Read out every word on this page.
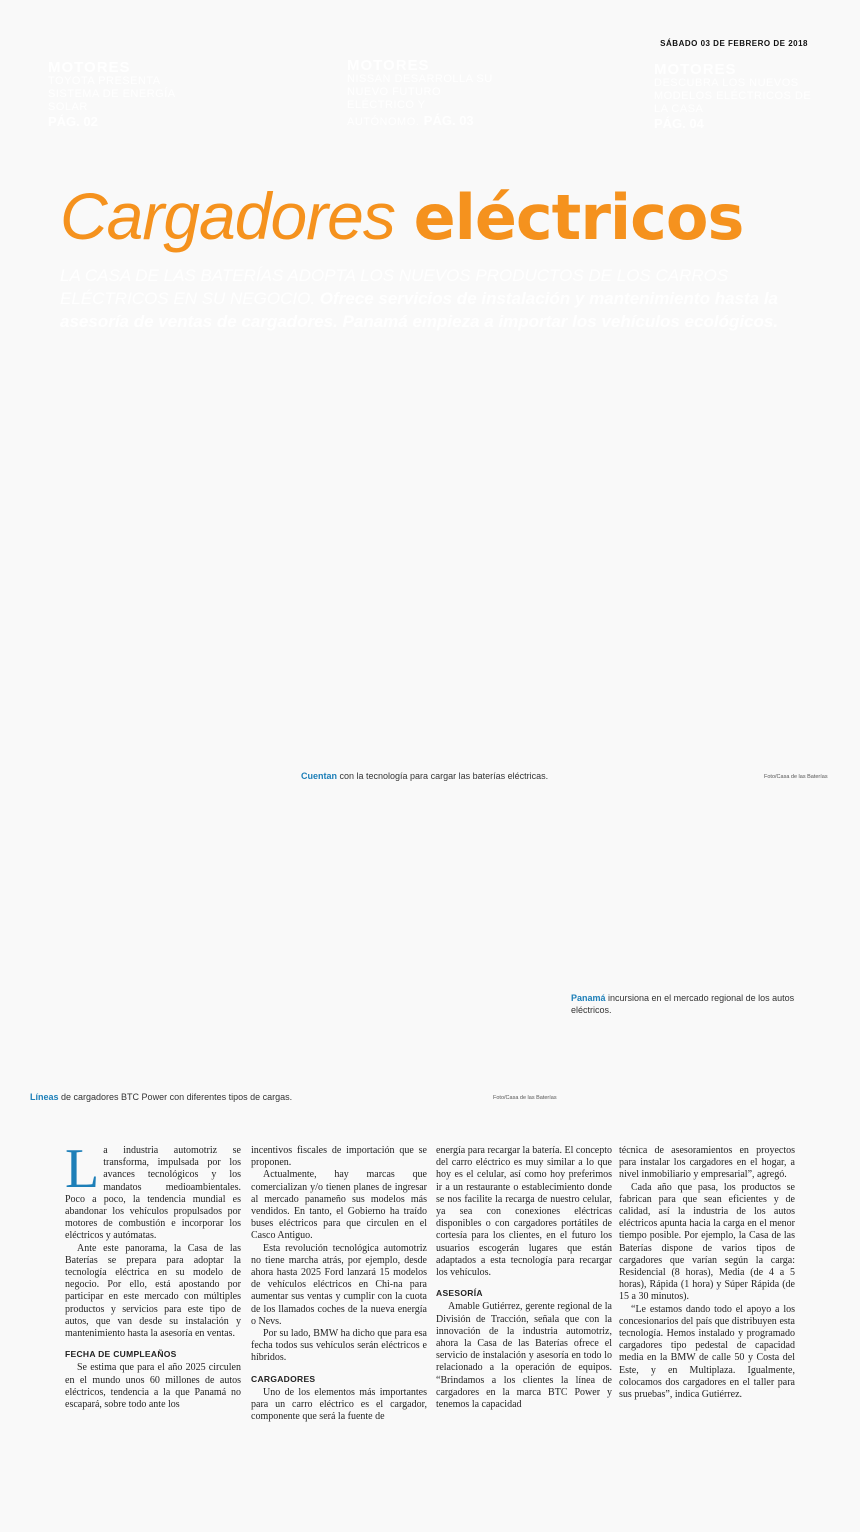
SÁBADO 03 DE FEBRERO DE 2018
MOTORES
TOYOTA PRESENTA SISTEMA DE ENERGÍA SOLAR
PÁG. 02
MOTORES
NISSAN DESARROLLA SU NUEVO FUTURO ELÉCTRICO Y
AUTÓNOMO. PÁG. 03
MOTORES
DESCUBRA LOS NUEVOS MODELOS ELÉCTRICOS DE LA CASA
PÁG. 04
Cargadores eléctricos
LA CASA DE LAS BATERÍAS ADOPTA LOS NUEVOS PRODUCTOS DE LOS CARROS ELÉCTRICOS EN SU NEGOCIO. Ofrece servicios de instalación y mantenimiento hasta la asesoría de ventas de cargadores. Panamá empieza a importar los vehículos ecológicos.
Cuentan con la tecnología para cargar las baterías eléctricas.	Foto/Casa de las Baterías
Panamá incursiona en el mercado regional de los autos eléctricos.
Líneas de cargadores BTC Power con diferentes tipos de cargas.	Foto/Casa de las Baterías

La industria automotriz se transforma, impulsada por los avances tecnológicos y los mandatos medioambientales. Poco a poco, la tendencia mundial es abandonar los vehículos propulsados por motores de combustión e incorporar los eléctricos y autómatas.

Ante este panorama, la Casa de las Baterías se prepara para adoptar la tecnología eléctrica en su modelo de negocio. Por ello, está apostando por participar en este mercado con múltiples productos y servicios para este tipo de autos, que van desde su instalación y mantenimiento hasta la asesoría en ventas.

FECHA DE CUMPLEAÑOS

Se estima que para el año 2025 circulen en el mundo unos 60 millones de autos eléctricos, tendencia a la que Panamá no escapará, sobre todo ante los

incentivos fiscales de importación que se proponen.

Actualmente, hay marcas que comercializan y/o tienen planes de ingresar al mercado panameño sus modelos más vendidos. En tanto, el Gobierno ha traído buses eléctricos para que circulen en el Casco Antiguo.

Esta revolución tecnológica automotriz no tiene marcha atrás, por ejemplo, desde ahora hasta 2025 Ford lanzará 15 modelos de vehículos eléctricos en Chi-na para aumentar sus ventas y cumplir con la cuota de los llamados coches de la nueva energía o Nevs.

Por su lado, BMW ha dicho que para esa fecha todos sus vehículos serán eléctricos e híbridos.

CARGADORES

Uno de los elementos más importantes para un carro eléctrico es el cargador, componente que será la fuente de

energía para recargar la batería. El concepto del carro eléctrico es muy similar a lo que hoy es el celular, así como hoy preferimos ir a un restaurante o establecimiento donde se nos facilite la recarga de nuestro celular, ya sea con conexiones eléctricas disponibles o con cargadores portátiles de cortesía para los clientes, en el futuro los usuarios escogerán lugares que están adaptados a esta tecnología para recargar los vehículos.

ASESORÍA

Amable Gutiérrez, gerente regional de la División de Tracción, señala que con la innovación de la industria automotriz, ahora la Casa de las Baterías ofrece el servicio de instalación y asesoría en todo lo relacionado a la operación de equipos. “Brindamos a los clientes la línea de cargadores en la marca BTC Power y tenemos la capacidad

técnica de asesoramientos en proyectos para instalar los cargadores en el hogar, a nivel inmobiliario y empresarial”, agregó.

Cada año que pasa, los productos se fabrican para que sean eficientes y de calidad, así la industria de los autos eléctricos apunta hacia la carga en el menor tiempo posible. Por ejemplo, la Casa de las Baterías dispone de varios tipos de cargadores que varían según la carga: Residencial (8 horas), Media (de 4 a 5 horas), Rápida (1 hora) y Súper Rápida (de 15 a 30 minutos).

“Le estamos dando todo el apoyo a los concesionarios del país que distribuyen esta tecnología. Hemos instalado y programado cargadores tipo pedestal de capacidad media en la BMW de calle 50 y Costa del Este, y en Multiplaza. Igualmente, colocamos dos cargadores en el taller para sus pruebas”, indica Gutiérrez.
